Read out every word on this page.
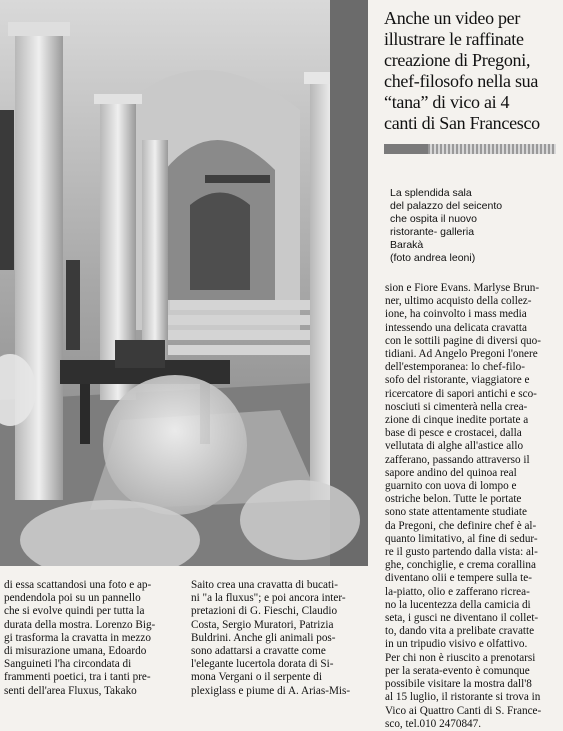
Anche un video per
illustrare le raffinate
creazione di Pregoni,
chef-filosofo nella sua
“tana” di vico ai 4
canti di San Francesco
La splendida sala
del palazzo del seicento
che ospita il nuovo
ristorante- galleria
Barakà
(foto andrea leoni)
sion e Fiore Evans. Marlyse Brun-
ner, ultimo acquisto della collez-
ione, ha coinvolto i mass media
intessendo una delicata cravatta
con le sottili pagine di diversi quo-
tidiani. Ad Angelo Pregoni l'onere
dell'estemporanea: lo chef-filo-
sofo del ristorante, viaggiatore e
ricercatore di sapori antichi e sco-
nosciuti si cimenterà nella crea-
zione di cinque inedite portate a
base di pesce e crostacei, dalla
vellutata di alghe all'astice allo
zafferano, passando attraverso il
sapore andino del quinoa real
guarnito con uova di lompo e
ostriche belon. Tutte le portate
sono state attentamente studiate
da Pregoni, che definire chef è al-
quanto limitativo, al fine di sedur-
re il gusto partendo dalla vista: al-
ghe, conchiglie, e crema corallina
diventano olii e tempere sulla te-
la-piatto, olio e zafferano ricrea-
no la lucentezza della camicia di
seta, i gusci ne diventano il collet-
to, dando vita a prelibate cravatte
in un tripudio visivo e olfattivo.
Per chi non è riuscito a prenotarsi
per la serata-evento è comunque
possibile visitare la mostra dall'8
al 15 luglio, il ristorante si trova in
Vico ai Quattro Canti di S. France-
sco, tel.010 2470847.
di essa scattandosi una foto e ap-
pendendola poi su un pannello
che si evolve quindi per tutta la
durata della mostra. Lorenzo Big-
gi trasforma la cravatta in mezzo
di misurazione umana, Edoardo
Sanguineti l'ha circondata di
frammenti poetici, tra i tanti pre-
senti dell'area Fluxus, Takako
Saito crea una cravatta di bucati-
ni "a la fluxus"; e poi ancora inter-
pretazioni di G. Fieschi, Claudio
Costa, Sergio Muratori, Patrizia
Buldrini. Anche gli animali pos-
sono adattarsi a cravatte come
l'elegante lucertola dorata di Si-
mona Vergani o il serpente di
plexiglass e piume di A. Arias-Mis-
